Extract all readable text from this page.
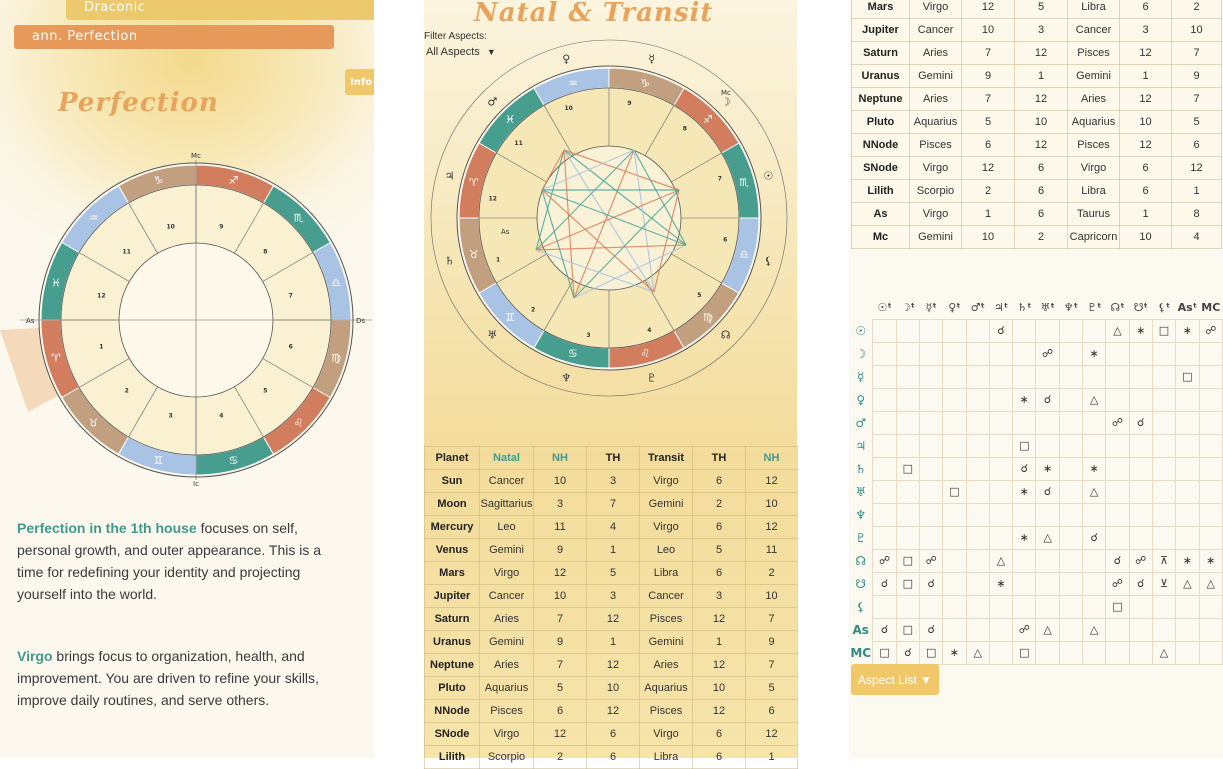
Draconic
ann. Perfection
Info ▼
Perfection
♈
♉
♊	♋
♌
♍
♎
♏
♐
♑
♒
♓
Mc
Ic
As	Ds
1
2
3	4
5
6
7
8
9
10
11
12
Perfection in the 1th house focuses on self, personal growth, and outer appearance. This is a time for redefining your identity and projecting yourself into the world.
Virgo brings focus to organization, health, and improvement. You are driven to refine your skills, improve daily routines, and serve others.
Natal & Transit
Filter Aspects:
All Aspects ▼
♈
♉
♊
♋	♌
♍
♎
♏
♐
♑
♒
♓
Mc
As
1
2
3
4
5
6
7
8
9
10
11
12
☉
☽
☿
♀
♂
♃
♄
♅
♆	♇
☊
⚸
Planet	Natal	NH	TH	Transit	TH	NH
Sun	Cancer	10	3	Virgo	6	12
Moon	Sagittarius	3	7	Gemini	2	10
Mercury	Leo	11	4	Virgo	6	12
Venus	Gemini	9	1	Leo	5	11
Mars	Virgo	12	5	Libra	6	2
Jupiter	Cancer	10	3	Cancer	3	10
Saturn	Aries	7	12	Pisces	12	7
Uranus	Gemini	9	1	Gemini	1	9
Neptune	Aries	7	12	Aries	12	7
Pluto	Aquarius	5	10	Aquarius	10	5
NNode	Pisces	6	12	Pisces	12	6
SNode	Virgo	12	6	Virgo	6	12
Lilith	Scorpio	2	6	Libra	6	1
Mars	Virgo	12	5	Libra	6	2
Jupiter	Cancer	10	3	Cancer	3	10
Saturn	Aries	7	12	Pisces	12	7
Uranus	Gemini	9	1	Gemini	1	9
Neptune	Aries	7	12	Aries	12	7
Pluto	Aquarius	5	10	Aquarius	10	5
NNode	Pisces	6	12	Pisces	12	6
SNode	Virgo	12	6	Virgo	6	12
Lilith	Scorpio	2	6	Libra	6	1
As	Virgo	1	6	Taurus	1	8
Mc	Gemini	10	2	Capricorn	10	4
	☉ᵗ	☽ᵗ	☿ᵗ	♀ᵗ	♂ᵗ	♃ᵗ	♄ᵗ	♅ᵗ	♆ᵗ	♇ᵗ	☊ᵗ	☋ᵗ	⚸ᵗ	Asᵗ	MC
☉						☌					△	∗	□	∗	☍
☽								☍		∗					
☿														□	
♀							∗	☌		△					
♂											☍	☌			
♃							□								
♄		□					☌	∗		∗					
♅				□			∗	☌		△					
♆															
♇							∗	△		☌					
☊	☍	□	☍			△					☌	☍	⊼	∗	∗
☋	☌	□	☌			∗					☍	☌	⊻	△	△
⚸											□				
As	☌	□	☌				☍	△		△					
MC	□	☌	□	∗	△		□						△		
Aspect List ▼
